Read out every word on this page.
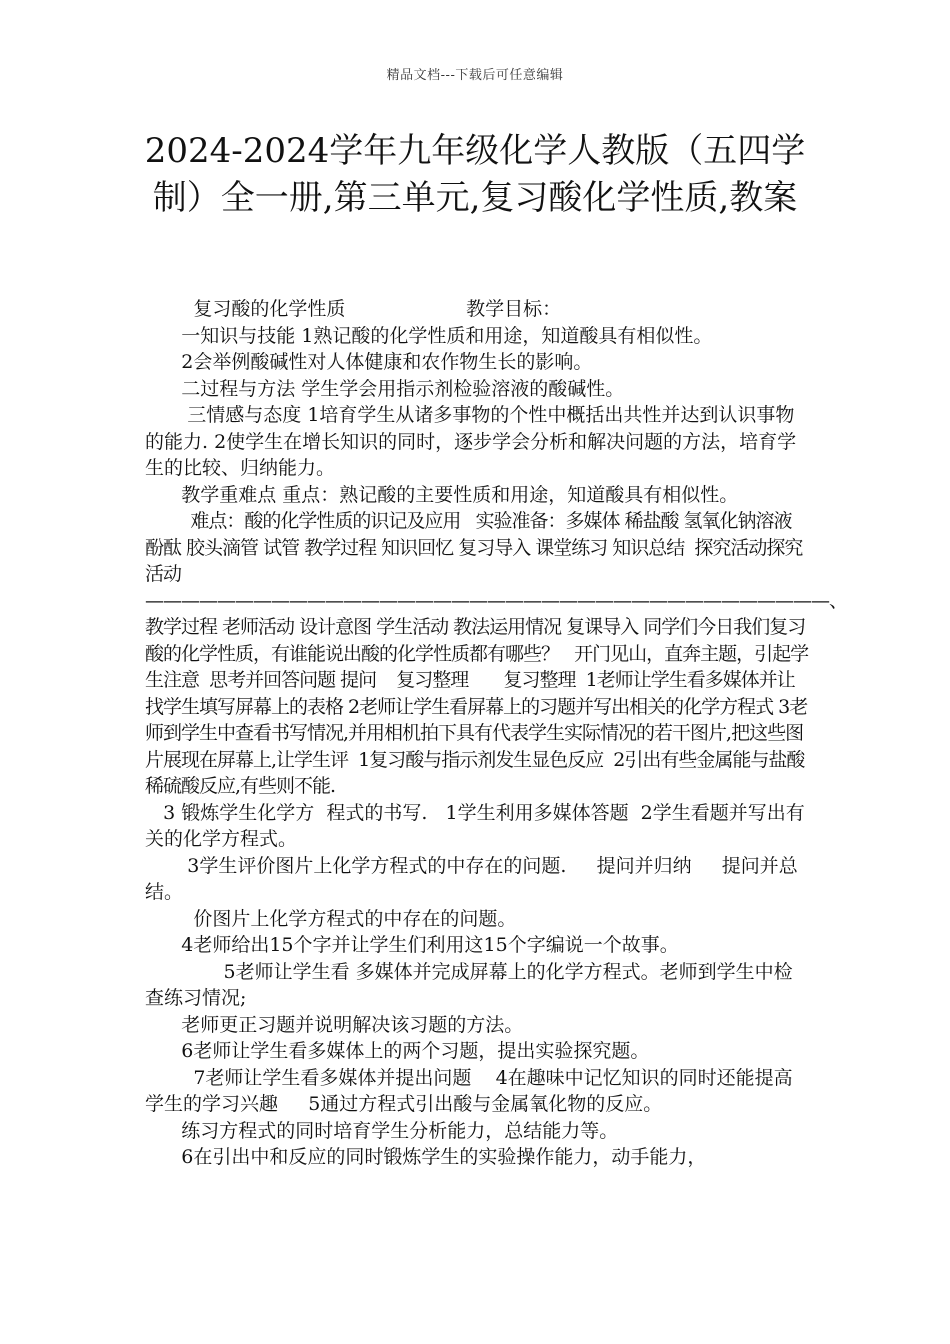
精品文档---下载后可任意编辑
2024-2024学年九年级化学人教版（五四学制）全一册,第三单元,复习酸化学性质,教案

复习酸的化学性质                    教学目标：

一知识与技能 1熟记酸的化学性质和用途，知道酸具有相似性。

2会举例酸碱性对人体健康和农作物生长的影响。

二过程与方法 学生学会用指示剂检验溶液的酸碱性。

三情感与态度 1培育学生从诸多事物的个性中概括出共性并达到认识事物的能力. 2使学生在增长知识的同时，逐步学会分析和解决问题的方法，培育学生的比较、归纳能力。

教学重难点 重点：熟记酸的主要性质和用途，知道酸具有相似性。

难点：酸的化学性质的识记及应用   实验准备：多媒体 稀盐酸 氢氧化钠溶液 酚酞 胶头滴管 试管 教学过程 知识回忆 复习导入 课堂练习 知识总结  探究活动探究活动  ——————————————————————————————————————、    教学过程 老师活动 设计意图 学生活动 教法运用情况 复课导入 同学们今日我们复习酸的化学性质，有谁能说出酸的化学性质都有哪些？   开门见山，直奔主题，引起学生注意  思考并回答问题 提问    复习整理       复习整理  1老师让学生看多媒体并让找学生填写屏幕上的表格 2老师让学生看屏幕上的习题并写出相关的化学方程式 3老师到学生中查看书写情况,并用相机拍下具有代表学生实际情况的若干图片,把这些图片展现在屏幕上,让学生评  1复习酸与指示剂发生显色反应  2引出有些金属能与盐酸稀硫酸反应,有些则不能.

3 锻炼学生化学方  程式的书写.   1学生利用多媒体答题  2学生看题并写出有关的化学方程式。

3学生评价图片上化学方程式的中存在的问题.     提问并归纳     提问并总结。

价图片上化学方程式的中存在的问题。

4老师给出15个字并让学生们利用这15个字编说一个故事。

5老师让学生看 多媒体并完成屏幕上的化学方程式。老师到学生中检查练习情况;

老师更正习题并说明解决该习题的方法。

6老师让学生看多媒体上的两个习题，提出实验探究题。

7老师让学生看多媒体并提出问题    4在趣味中记忆知识的同时还能提高学生的学习兴趣     5通过方程式引出酸与金属氧化物的反应。

练习方程式的同时培育学生分析能力，总结能力等。

6在引出中和反应的同时锻炼学生的实验操作能力，动手能力，
